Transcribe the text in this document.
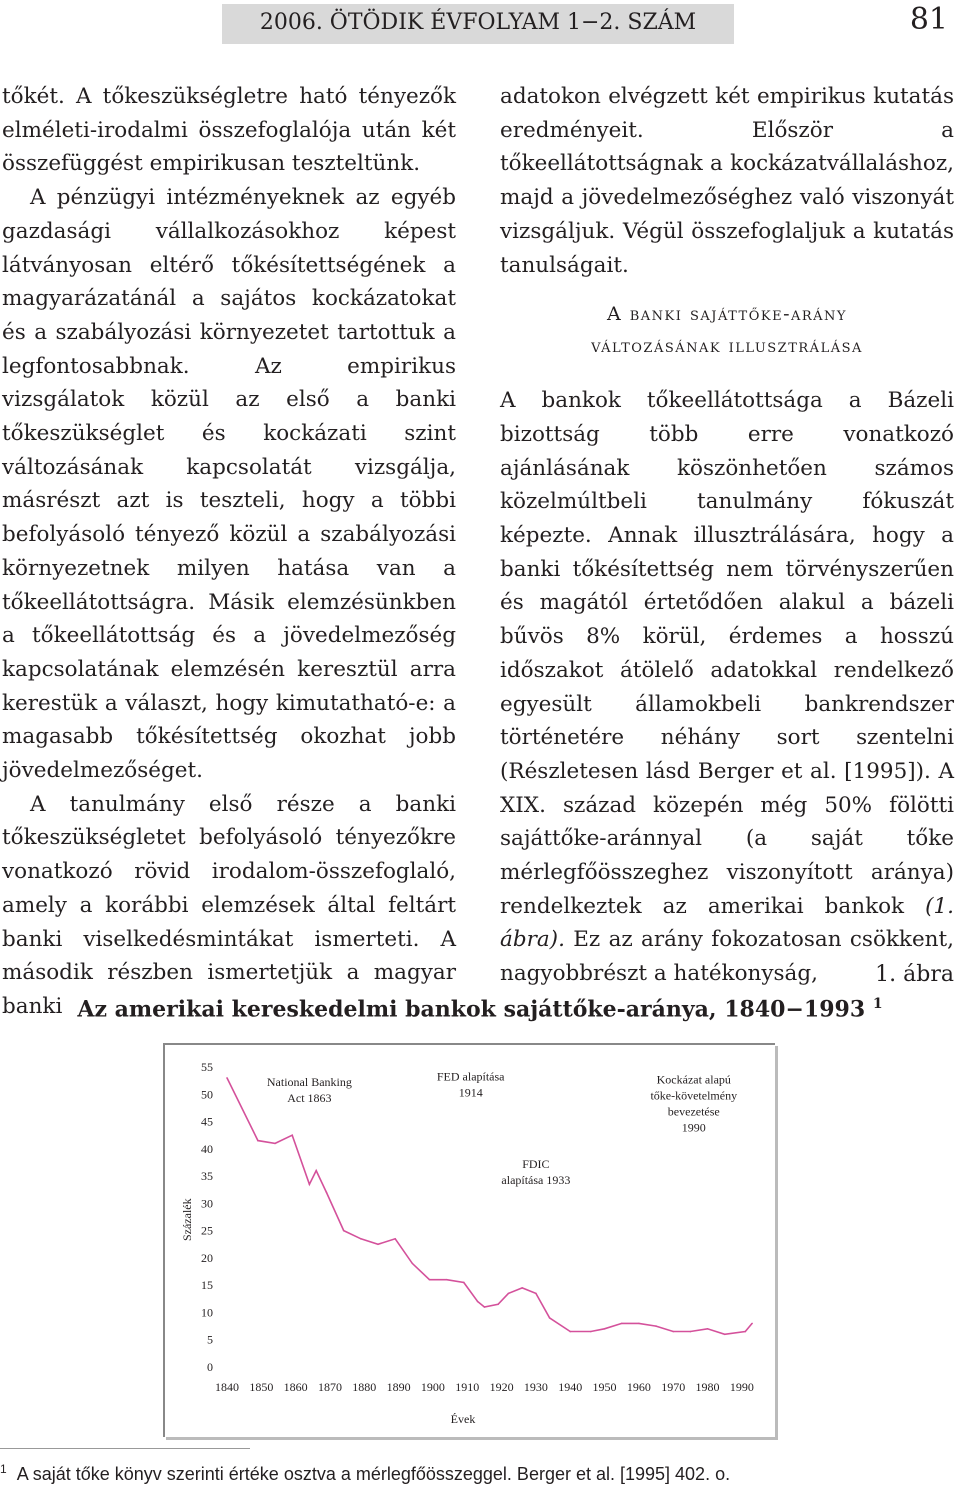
2006. ÖTÖDIK ÉVFOLYAM 1−2. SZÁM	81

tőkét. A tőkeszükségletre ható tényezők elméleti-irodalmi összefoglalója után két összefüggést empirikusan teszteltünk.

A pénzügyi intézményeknek az egyéb gazdasági vállalkozásokhoz képest látványosan eltérő tőkésítettségének a magyarázatánál a sajátos kockázatokat és a szabályozási környezetet tartottuk a legfontosabbnak. Az empirikus vizsgálatok közül az első a banki tőkeszükséglet és kockázati szint változásának kapcsolatát vizsgálja, másrészt azt is teszteli, hogy a többi befolyásoló tényező közül a szabályozási környezetnek milyen hatása van a tőkeellátottságra. Másik elemzésünkben a tőkeellátottság és a jövedelmezőség kapcsolatának elemzésén keresztül arra kerestük a választ, hogy kimutatható-e: a magasabb tőkésítettség okozhat jobb jövedelmezőséget.

A tanulmány első része a banki tőkeszükségletet befolyásoló tényezőkre vonatkozó rövid irodalom-összefoglaló, amely a korábbi elemzések által feltárt banki viselkedésmintákat ismerteti. A második részben ismertetjük a magyar banki

adatokon elvégzett két empirikus kutatás eredményeit. Először a tőkeellátottságnak a kockázatvállaláshoz, majd a jövedelmezőséghez való viszonyát vizsgáljuk. Végül összefoglaljuk a kutatás tanulságait.

A banki sajáttőke-arány
változásának illusztrálása

A bankok tőkeellátottsága a Bázeli bizottság több erre vonatkozó ajánlásának köszönhetően számos közelmúltbeli tanulmány fókuszát képezte. Annak illusztrálására, hogy a banki tőkésítettség nem törvényszerűen és magától értetődően alakul a bázeli bűvös 8% körül, érdemes a hosszú időszakot átölelő adatokkal rendelkező egyesült államokbeli bankrendszer történetére néhány sort szentelni (Részletesen lásd Berger et al. [1995]). A XIX. század közepén még 50% fölötti sajáttőke-aránnyal (a saját tőke mérlegfőösszeghez viszonyított aránya) rendelkeztek az amerikai bankok (1. ábra). Ez az arány fokozatosan csökkent, nagyobbrészt a hatékonyság,	1. ábra
Az amerikai kereskedelmi bankok sajáttőke-aránya, 1840−1993 $^1$
0
5
10
15
20
25
30
35
40
45
50
55
1840 1850 1860 1870 1880 1890 1900 1910 1920 1930 1940 1950 1960 1970 1980 1990
Évek
Százalék
National Banking
Act 1863
FED alapítása
1914
FDIC
alapítása 1933
Kockázat alapú
tőke-követelmény
bevezetése
1990
$^1$ A saját tőke könyv szerinti értéke osztva a mérlegfőösszeggel. Berger et al. [1995] 402. o.
